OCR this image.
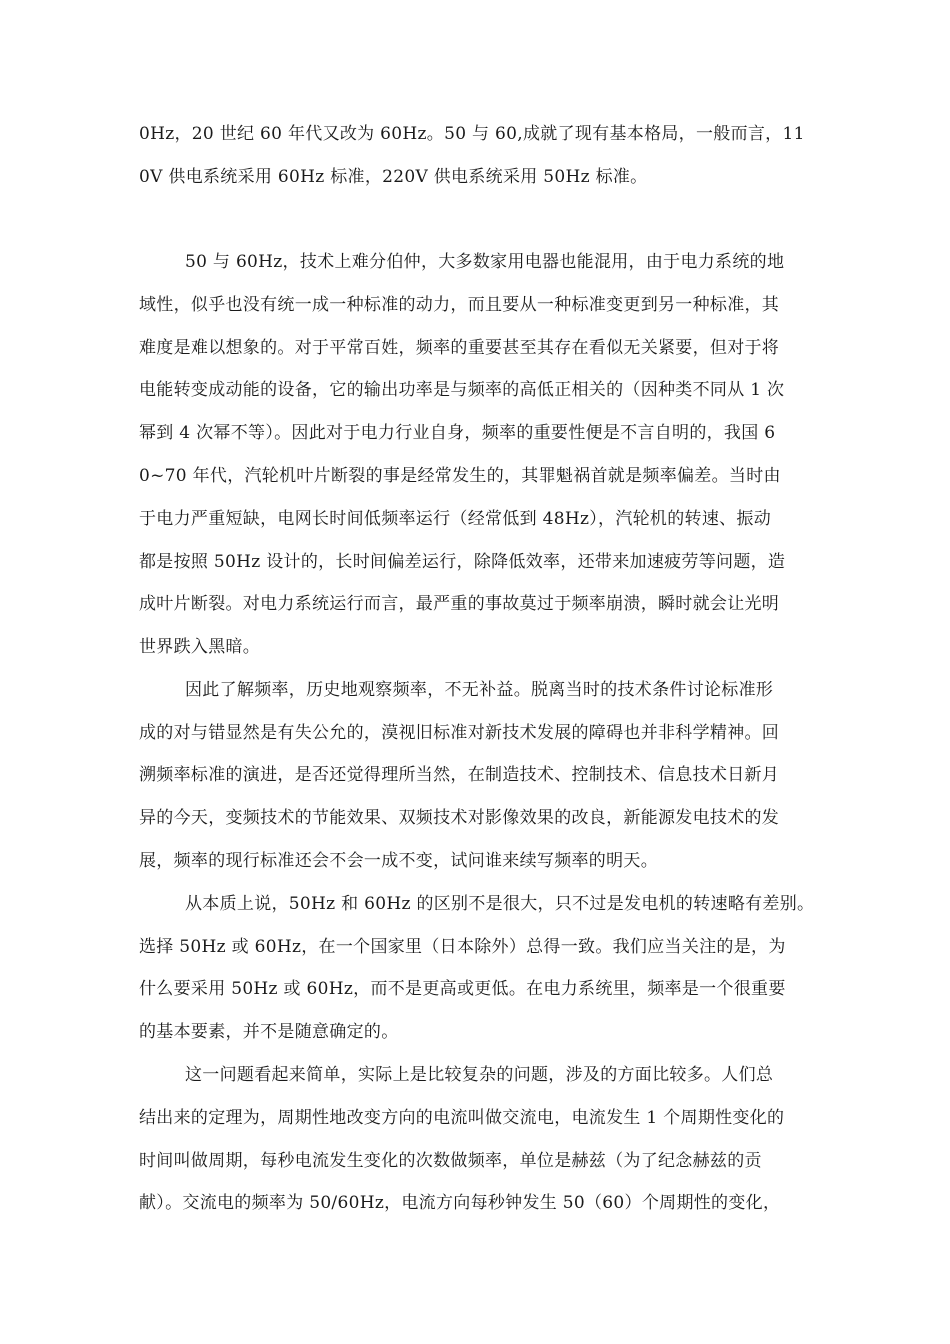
0Hz，20 世纪 60 年代又改为 60Hz。50 与 60,成就了现有基本格局，一般而言，11
0V 供电系统采用 60Hz 标准，220V 供电系统采用 50Hz 标准。
50 与 60Hz，技术上难分伯仲，大多数家用电器也能混用，由于电力系统的地
域性，似乎也没有统一成一种标准的动力，而且要从一种标准变更到另一种标准，其
难度是难以想象的。对于平常百姓，频率的重要甚至其存在看似无关紧要，但对于将
电能转变成动能的设备，它的输出功率是与频率的高低正相关的（因种类不同从 1 次
幂到 4 次幂不等）。因此对于电力行业自身，频率的重要性便是不言自明的，我国 6
0~70 年代，汽轮机叶片断裂的事是经常发生的，其罪魁祸首就是频率偏差。当时由
于电力严重短缺，电网长时间低频率运行（经常低到 48Hz），汽轮机的转速、振动
都是按照 50Hz 设计的，长时间偏差运行，除降低效率，还带来加速疲劳等问题，造
成叶片断裂。对电力系统运行而言，最严重的事故莫过于频率崩溃，瞬时就会让光明
世界跌入黑暗。
因此了解频率，历史地观察频率，不无补益。脱离当时的技术条件讨论标准形
成的对与错显然是有失公允的，漠视旧标准对新技术发展的障碍也并非科学精神。回
溯频率标准的演进，是否还觉得理所当然，在制造技术、控制技术、信息技术日新月
异的今天，变频技术的节能效果、双频技术对影像效果的改良，新能源发电技术的发
展，频率的现行标准还会不会一成不变，试问谁来续写频率的明天。
从本质上说，50Hz 和 60Hz 的区别不是很大，只不过是发电机的转速略有差别。
选择 50Hz 或 60Hz，在一个国家里（日本除外）总得一致。我们应当关注的是，为
什么要采用 50Hz 或 60Hz，而不是更高或更低。在电力系统里，频率是一个很重要
的基本要素，并不是随意确定的。
这一问题看起来简单，实际上是比较复杂的问题，涉及的方面比较多。人们总
结出来的定理为，周期性地改变方向的电流叫做交流电，电流发生 1 个周期性变化的
时间叫做周期，每秒电流发生变化的次数做频率，单位是赫兹（为了纪念赫兹的贡
献）。交流电的频率为 50/60Hz，电流方向每秒钟发生 50（60）个周期性的变化，
